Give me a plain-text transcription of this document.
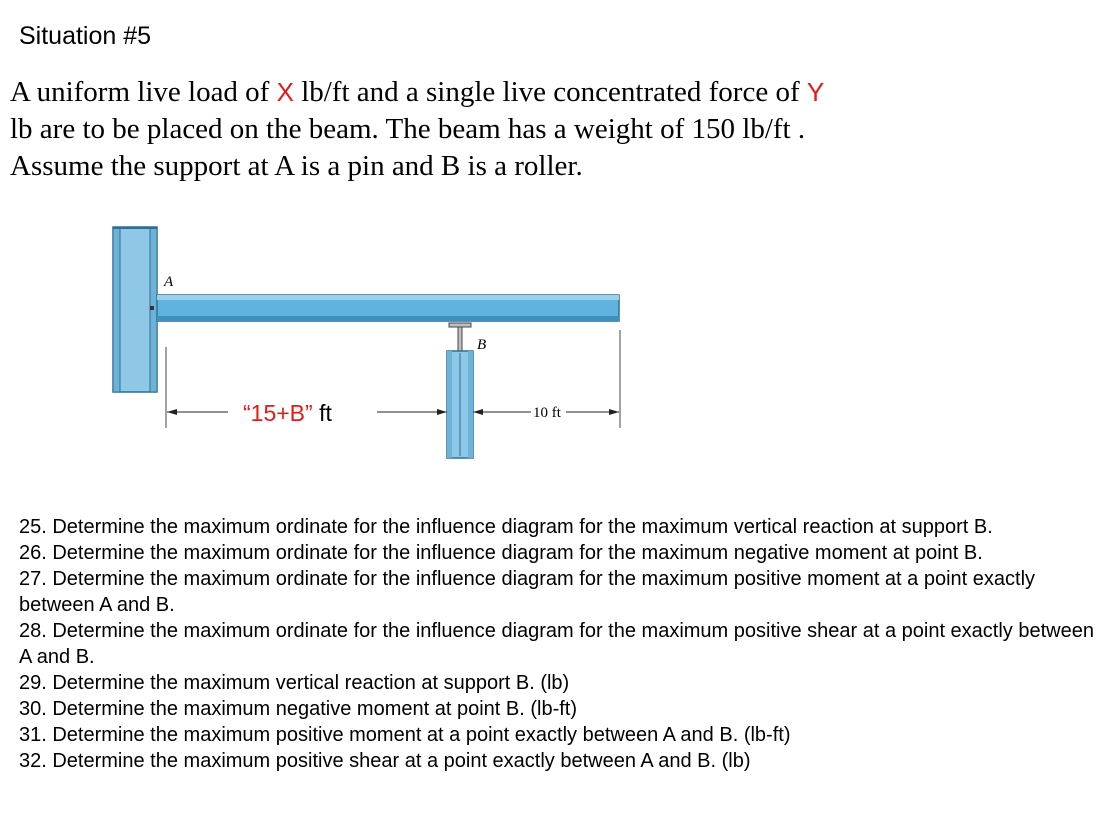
Situation #5
A uniform live load of X lb/ft and a single live concentrated force of Y lb are to be placed on the beam. The beam has a weight of 150 lb/ft . Assume the support at A is a pin and B is a roller.
A
B
10 ft
“15+B” ft

25. Determine the maximum ordinate for the influence diagram for the maximum vertical reaction at support B.

26. Determine the maximum ordinate for the influence diagram for the maximum negative moment at point B.

27. Determine the maximum ordinate for the influence diagram for the maximum positive moment at a point exactly between A and B.

28. Determine the maximum ordinate for the influence diagram for the maximum positive shear at a point exactly between A and B.

29. Determine the maximum vertical reaction at support B. (lb)

30. Determine the maximum negative moment at point B. (lb-ft)

31. Determine the maximum positive moment at a point exactly between A and B. (lb-ft)

32. Determine the maximum positive shear at a point exactly between A and B. (lb)
